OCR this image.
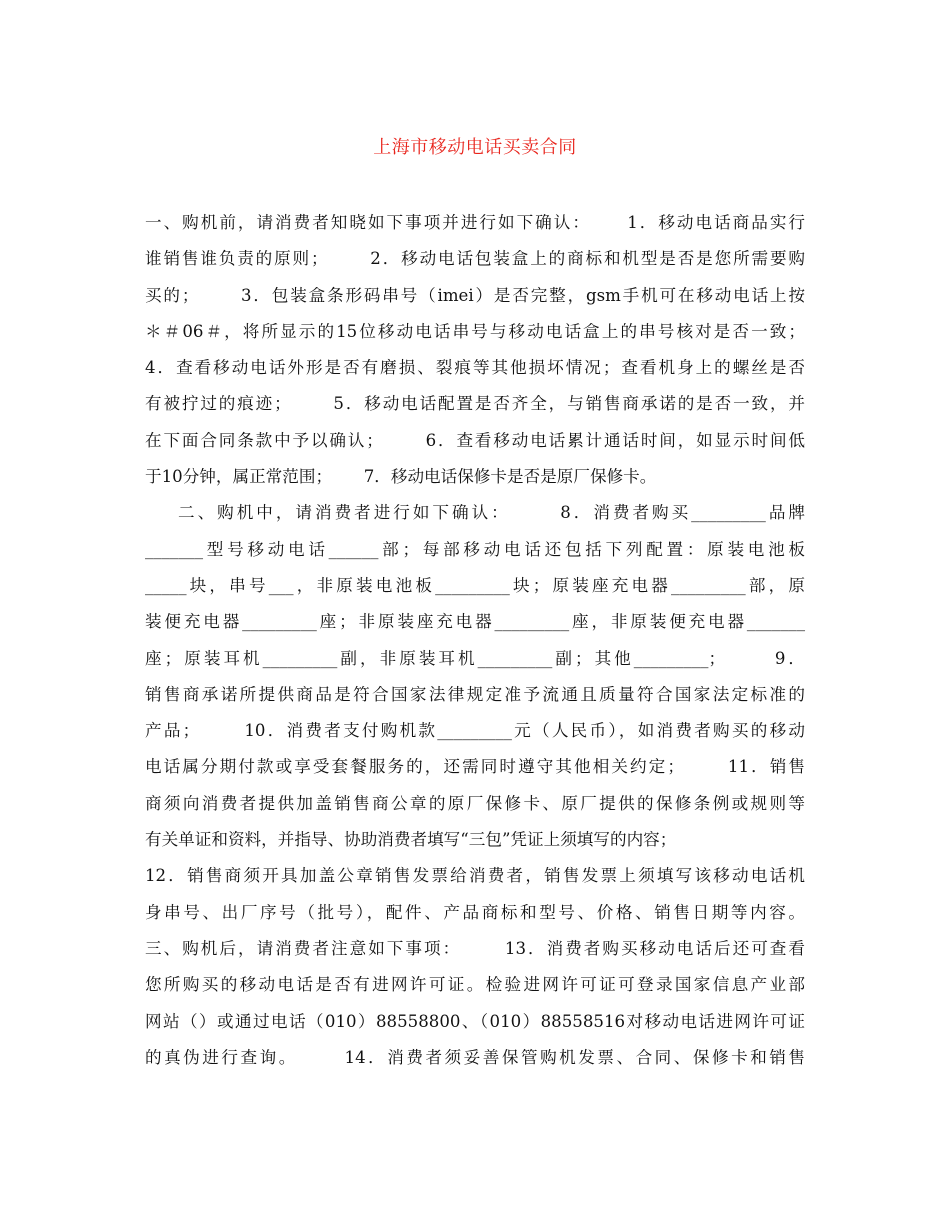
上海市移动电话买卖合同
一、购机前，请消费者知晓如下事项并进行如下确认：     1．移动电话商品实行
谁销售谁负责的原则；      2．移动电话包装盒上的商标和机型是否是您所需要购
买的；      3．包装盒条形码串号（imei）是否完整，gsm手机可在移动电话上按
＊＃06＃，将所显示的15位移动电话串号与移动电话盒上的串号核对是否一致；
4．查看移动电话外形是否有磨损、裂痕等其他损坏情况；查看机身上的螺丝是否
有被拧过的痕迹；      5．移动电话配置是否齐全，与销售商承诺的是否一致，并
在下面合同条款中予以确认；      6．查看移动电话累计通话时间，如显示时间低
于10分钟，属正常范围；      7．移动电话保修卡是否是原厂保修卡。
二、购机中，请消费者进行如下确认：      8．消费者购买_________品牌
_______型号移动电话______部；每部移动电话还包括下列配置：原装电池板
_____块，串号___，非原装电池板_________块；原装座充电器_________部，原
装便充电器_________座；非原装座充电器_________座，非原装便充电器_______
座；原装耳机_________副，非原装耳机_________副；其他_________；      9．
销售商承诺所提供商品是符合国家法律规定准予流通且质量符合国家法定标准的
产品；      10．消费者支付购机款_________元（人民币），如消费者购买的移动
电话属分期付款或享受套餐服务的，还需同时遵守其他相关约定；      11．销售
商须向消费者提供加盖销售商公章的原厂保修卡、原厂提供的保修条例或规则等
有关单证和资料，并指导、协助消费者填写“三包”凭证上须填写的内容；
12．销售商须开具加盖公章销售发票给消费者，销售发票上须填写该移动电话机
身串号、出厂序号（批号），配件、产品商标和型号、价格、销售日期等内容。
三、购机后，请消费者注意如下事项：      13．消费者购买移动电话后还可查看
您所购买的移动电话是否有进网许可证。检验进网许可证可登录国家信息产业部
网站（）或通过电话（010）88558800、（010）88558516对移动电话进网许可证
的真伪进行查询。      14．消费者须妥善保管购机发票、合同、保修卡和销售
